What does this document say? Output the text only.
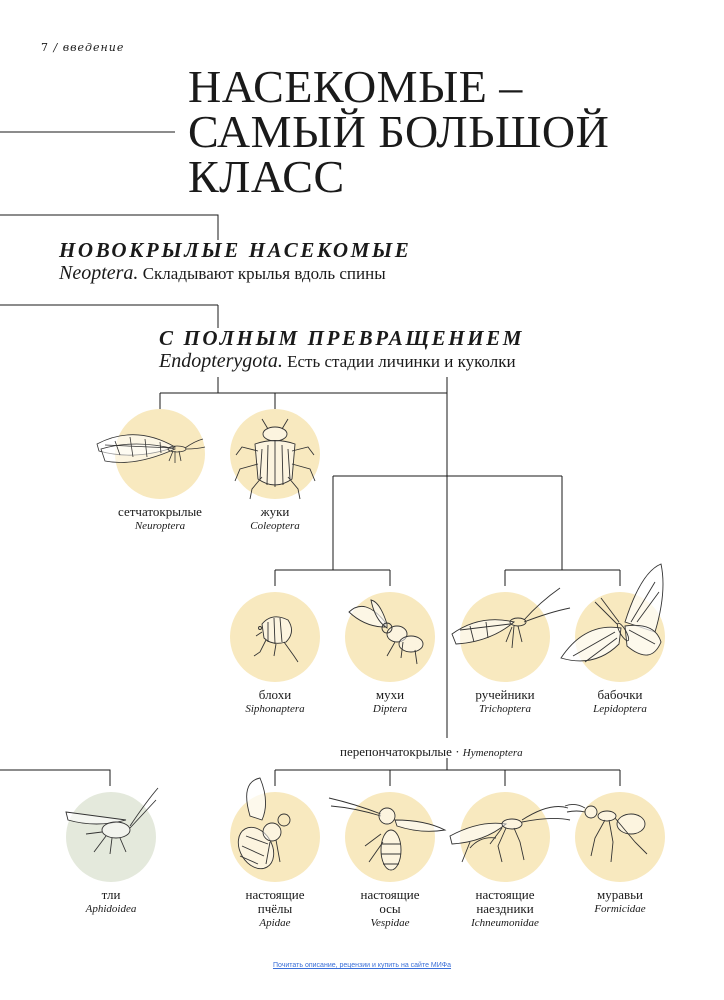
7 / введение
НАСЕКОМЫЕ –
САМЫЙ БОЛЬШОЙ
КЛАСС
НОВОКРЫЛЫЕ НАСЕКОМЫЕ
Neoptera. Складывают крылья вдоль спины
С ПОЛНЫМ ПРЕВРАЩЕНИЕМ
Endopterygota. Есть стадии личинки и куколки
сетчатокрылые
Neuroptera
жуки
Coleoptera
блохи
Siphonaptera
мухи
Diptera
ручейники
Trichoptera
бабочки
Lepidoptera
перепончатокрылые · Hymenoptera
тли
Aphidoidea
настоящие
пчёлы
Apidae
настоящие
осы
Vespidae
настоящие
наездники
Ichneumonidae
муравьи
Formicidae
Почитать описание, рецензии и купить на сайте МИФа
